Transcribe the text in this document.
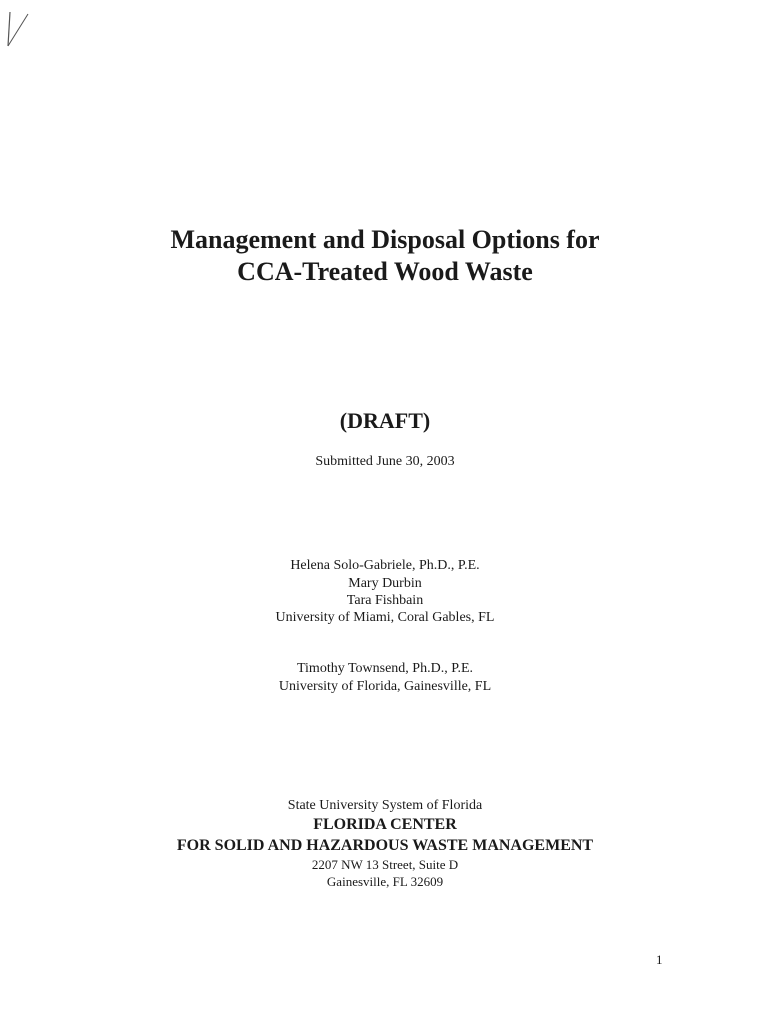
Management and Disposal Options for
CCA-Treated Wood Waste
(DRAFT)
Submitted June 30, 2003
Helena Solo-Gabriele, Ph.D., P.E.
Mary Durbin
Tara Fishbain
University of Miami, Coral Gables, FL
Timothy Townsend, Ph.D., P.E.
University of Florida, Gainesville, FL
State University System of Florida
FLORIDA CENTER
FOR SOLID AND HAZARDOUS WASTE MANAGEMENT
2207 NW 13 Street, Suite D
Gainesville, FL 32609
1
